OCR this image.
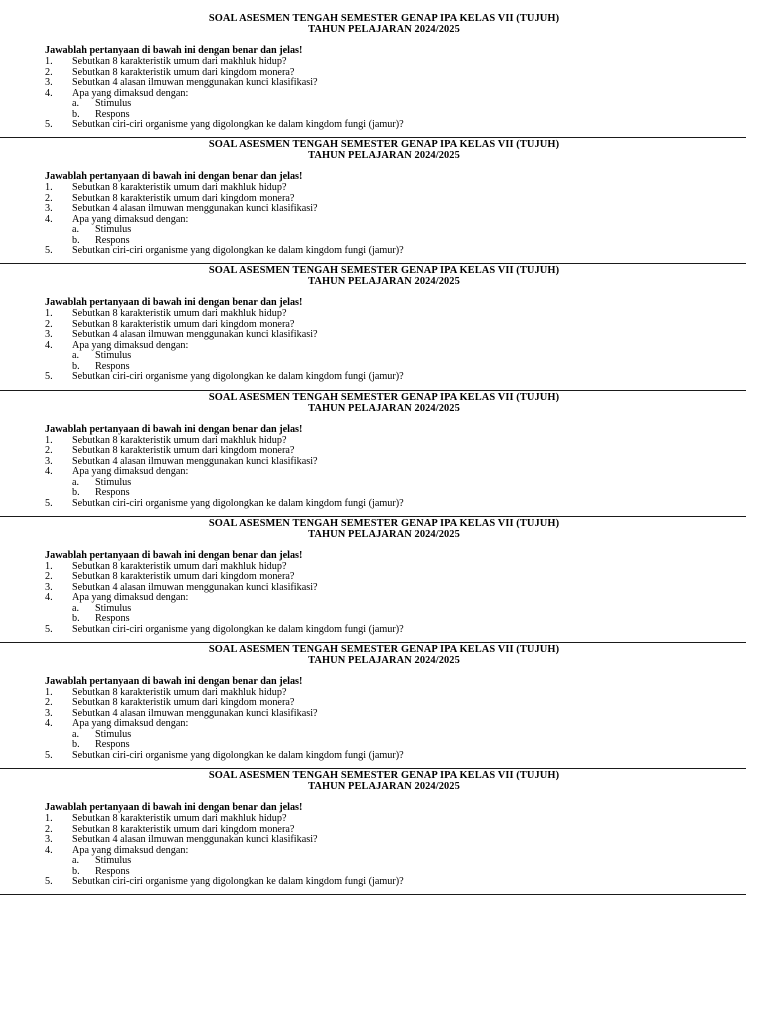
SOAL ASESMEN TENGAH SEMESTER GENAP IPA KELAS VII (TUJUH)
TAHUN PELAJARAN 2024/2025
Jawablah pertanyaan di bawah ini dengan benar dan jelas!
1. Sebutkan 8 karakteristik umum dari makhluk hidup?
2. Sebutkan 8 karakteristik umum dari kingdom monera?
3. Sebutkan 4 alasan ilmuwan menggunakan kunci klasifikasi?
4. Apa yang dimaksud dengan:
a. Stimulus
b. Respons
5. Sebutkan ciri-ciri organisme yang digolongkan ke dalam kingdom fungi (jamur)?
SOAL ASESMEN TENGAH SEMESTER GENAP IPA KELAS VII (TUJUH)
TAHUN PELAJARAN 2024/2025
Jawablah pertanyaan di bawah ini dengan benar dan jelas!
1. Sebutkan 8 karakteristik umum dari makhluk hidup?
2. Sebutkan 8 karakteristik umum dari kingdom monera?
3. Sebutkan 4 alasan ilmuwan menggunakan kunci klasifikasi?
4. Apa yang dimaksud dengan:
a. Stimulus
b. Respons
5. Sebutkan ciri-ciri organisme yang digolongkan ke dalam kingdom fungi (jamur)?
SOAL ASESMEN TENGAH SEMESTER GENAP IPA KELAS VII (TUJUH)
TAHUN PELAJARAN 2024/2025
Jawablah pertanyaan di bawah ini dengan benar dan jelas!
1. Sebutkan 8 karakteristik umum dari makhluk hidup?
2. Sebutkan 8 karakteristik umum dari kingdom monera?
3. Sebutkan 4 alasan ilmuwan menggunakan kunci klasifikasi?
4. Apa yang dimaksud dengan:
a. Stimulus
b. Respons
5. Sebutkan ciri-ciri organisme yang digolongkan ke dalam kingdom fungi (jamur)?
SOAL ASESMEN TENGAH SEMESTER GENAP IPA KELAS VII (TUJUH)
TAHUN PELAJARAN 2024/2025
Jawablah pertanyaan di bawah ini dengan benar dan jelas!
1. Sebutkan 8 karakteristik umum dari makhluk hidup?
2. Sebutkan 8 karakteristik umum dari kingdom monera?
3. Sebutkan 4 alasan ilmuwan menggunakan kunci klasifikasi?
4. Apa yang dimaksud dengan:
a. Stimulus
b. Respons
5. Sebutkan ciri-ciri organisme yang digolongkan ke dalam kingdom fungi (jamur)?
SOAL ASESMEN TENGAH SEMESTER GENAP IPA KELAS VII (TUJUH)
TAHUN PELAJARAN 2024/2025
Jawablah pertanyaan di bawah ini dengan benar dan jelas!
1. Sebutkan 8 karakteristik umum dari makhluk hidup?
2. Sebutkan 8 karakteristik umum dari kingdom monera?
3. Sebutkan 4 alasan ilmuwan menggunakan kunci klasifikasi?
4. Apa yang dimaksud dengan:
a. Stimulus
b. Respons
5. Sebutkan ciri-ciri organisme yang digolongkan ke dalam kingdom fungi (jamur)?
SOAL ASESMEN TENGAH SEMESTER GENAP IPA KELAS VII (TUJUH)
TAHUN PELAJARAN 2024/2025
Jawablah pertanyaan di bawah ini dengan benar dan jelas!
1. Sebutkan 8 karakteristik umum dari makhluk hidup?
2. Sebutkan 8 karakteristik umum dari kingdom monera?
3. Sebutkan 4 alasan ilmuwan menggunakan kunci klasifikasi?
4. Apa yang dimaksud dengan:
a. Stimulus
b. Respons
5. Sebutkan ciri-ciri organisme yang digolongkan ke dalam kingdom fungi (jamur)?
SOAL ASESMEN TENGAH SEMESTER GENAP IPA KELAS VII (TUJUH)
TAHUN PELAJARAN 2024/2025
Jawablah pertanyaan di bawah ini dengan benar dan jelas!
1. Sebutkan 8 karakteristik umum dari makhluk hidup?
2. Sebutkan 8 karakteristik umum dari kingdom monera?
3. Sebutkan 4 alasan ilmuwan menggunakan kunci klasifikasi?
4. Apa yang dimaksud dengan:
a. Stimulus
b. Respons
5. Sebutkan ciri-ciri organisme yang digolongkan ke dalam kingdom fungi (jamur)?
